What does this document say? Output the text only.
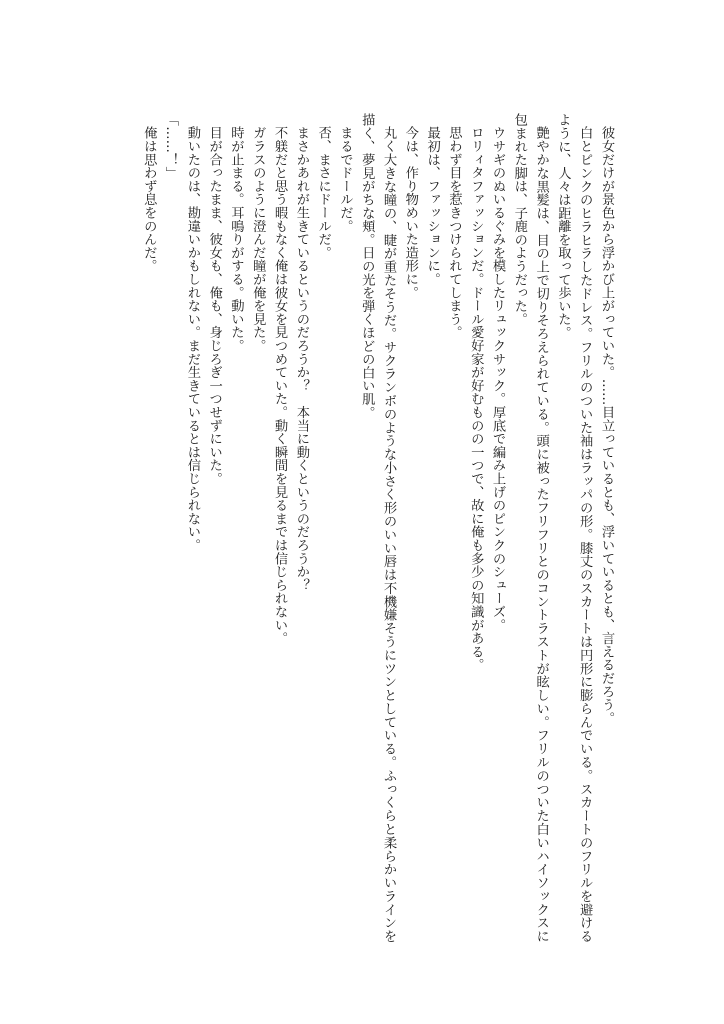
彼女だけが景色から浮かび上がっていた。……目立っているとも、浮いているとも、言えるだろう。

白とピンクのヒラヒラしたドレス。フリルのついた袖はラッパの形。膝丈のスカートは円形に膨らんでいる。スカートのフリルを避けるように、人々は距離を取って歩いた。

艶やかな黒髪は、目の上で切りそろえられている。頭に被ったフリフリとのコントラストが眩しい。フリルのついた白いハイソックスに包まれた脚は、子鹿のようだった。

ウサギのぬいるぐみを模したリュックサック。厚底で編み上げのピンクのシューズ。

ロリィタファッションだ。ドール愛好家が好むものの一つで、故に俺も多少の知識がある。

思わず目を惹きつけられてしまう。

最初は、ファッションに。

今は、作り物めいた造形に。

丸く大きな瞳の、睫が重たそうだ。サクランボのような小さく形のいい唇は不機嫌そうにツンとしている。ふっくらと柔らかいラインを描く、夢見がちな頬。日の光を弾くほどの白い肌。

まるでドールだ。

否、まさにドールだ。

まさかあれが生きているというのだろうか？　本当に動くというのだろうか？

不躾だと思う暇もなく俺は彼女を見つめていた。動く瞬間を見るまでは信じられない。

ガラスのように澄んだ瞳が俺を見た。

時が止まる。耳鳴りがする。動いた。

目が合ったまま、彼女も、俺も、身じろぎ一つせずにいた。

動いたのは、勘違いかもしれない。まだ生きているとは信じられない。

「……！」

俺は思わず息をのんだ。
